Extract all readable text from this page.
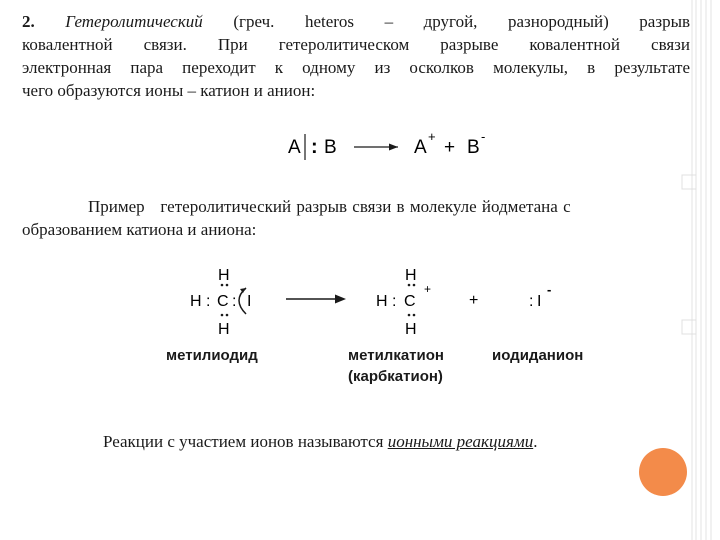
2. Гетеролитический (греч. heteros – другой, разнородный) разрыв
ковалентной связи. При гетеролитическом разрыве ковалентной связи
электронная пара переходит к одному из осколков молекулы, в результате
чего образуются ионы – катион и анион:
A : B	A
+
+ B
-
Пример   гетеролитический разрыв связи в молекуле йодметана с
образованием катиона и аниона:
H
H : C : I
H
H
H : C
+
H
+	: I
-
метилиодид	метилкатион
(карбкатион)
иодиданион
Реакции с участием ионов называются ионными реакциями.
